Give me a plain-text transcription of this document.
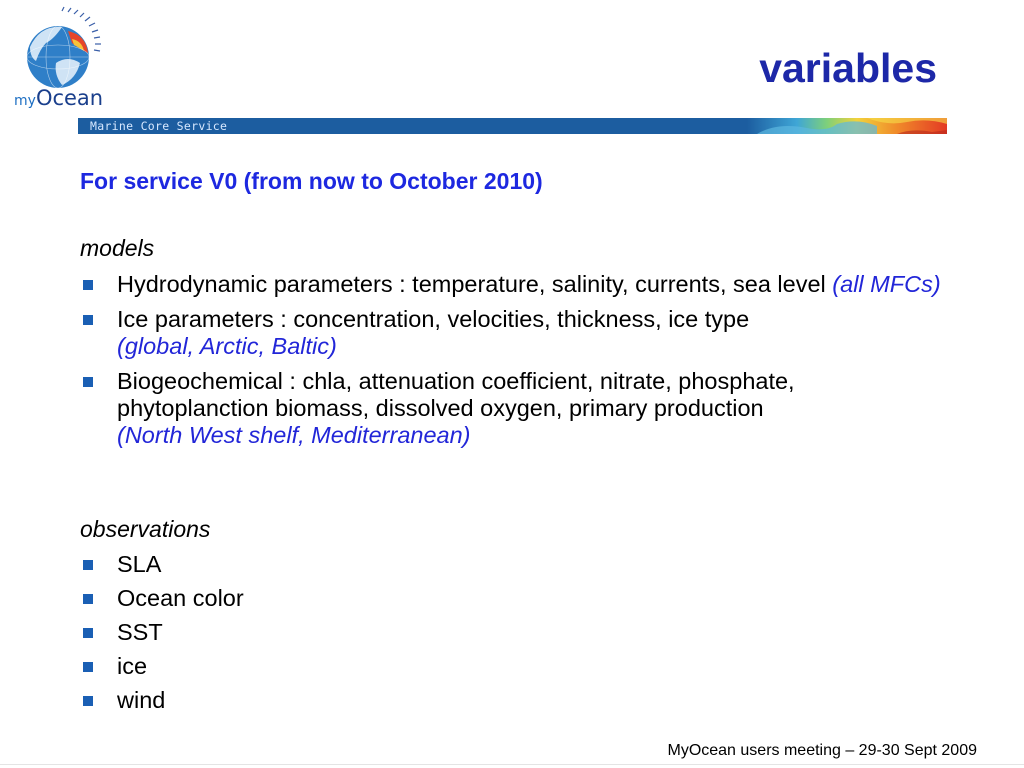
myOcean
variables
Marine Core Service
For service V0 (from now to October 2010)
models
Hydrodynamic parameters : temperature, salinity, currents, sea level (all MFCs)
Ice parameters : concentration, velocities, thickness, ice type
(global, Arctic, Baltic)
Biogeochemical : chla, attenuation coefficient, nitrate, phosphate, phytoplanction biomass, dissolved oxygen, primary production
(North West shelf, Mediterranean)
observations
SLA
Ocean color
SST
ice
wind
MyOcean users meeting – 29-30 Sept 2009
